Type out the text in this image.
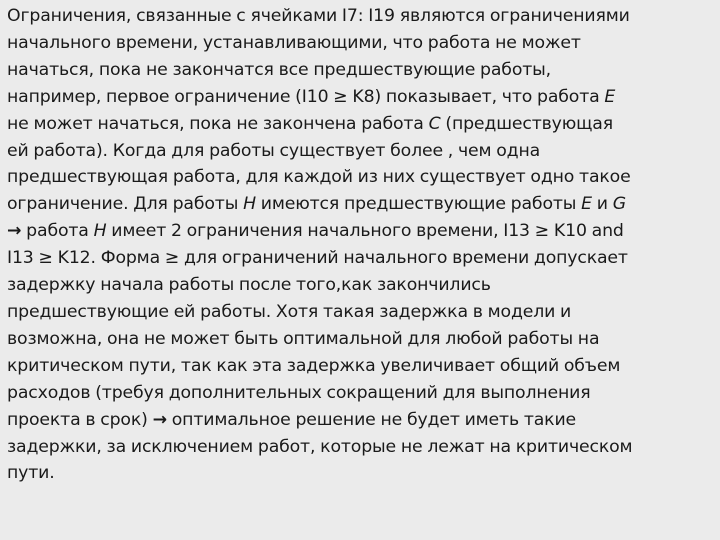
Ограничения, связанные с ячейками I7: I19 являются ограничениями
начального времени, устанавливающими, что работа не может
начаться, пока не закончатся все предшествующие работы,
например, первое ограничение (I10 ≥ K8) показывает, что работа E
не может начаться, пока не закончена работа C (предшествующая
ей работа). Когда для работы существует более , чем одна
предшествующая работа, для каждой из них существует одно такое
ограничение. Для работы H имеются предшествующие работы E и G
→ работа H имеет 2 ограничения начального времени, I13 ≥ K10 and
I13 ≥ K12. Форма ≥ для ограничений начального времени допускает
задержку начала работы после того,как закончились
предшествующие ей работы. Хотя такая задержка в модели и
возможна, она не может быть оптимальной для любой работы на
критическом пути, так как эта задержка увеличивает общий объем
расходов (требуя дополнительных сокращений для выполнения
проекта в срок) → оптимальное решение не будет иметь такие
задержки, за исключением работ, которые не лежат на критическом
пути.
